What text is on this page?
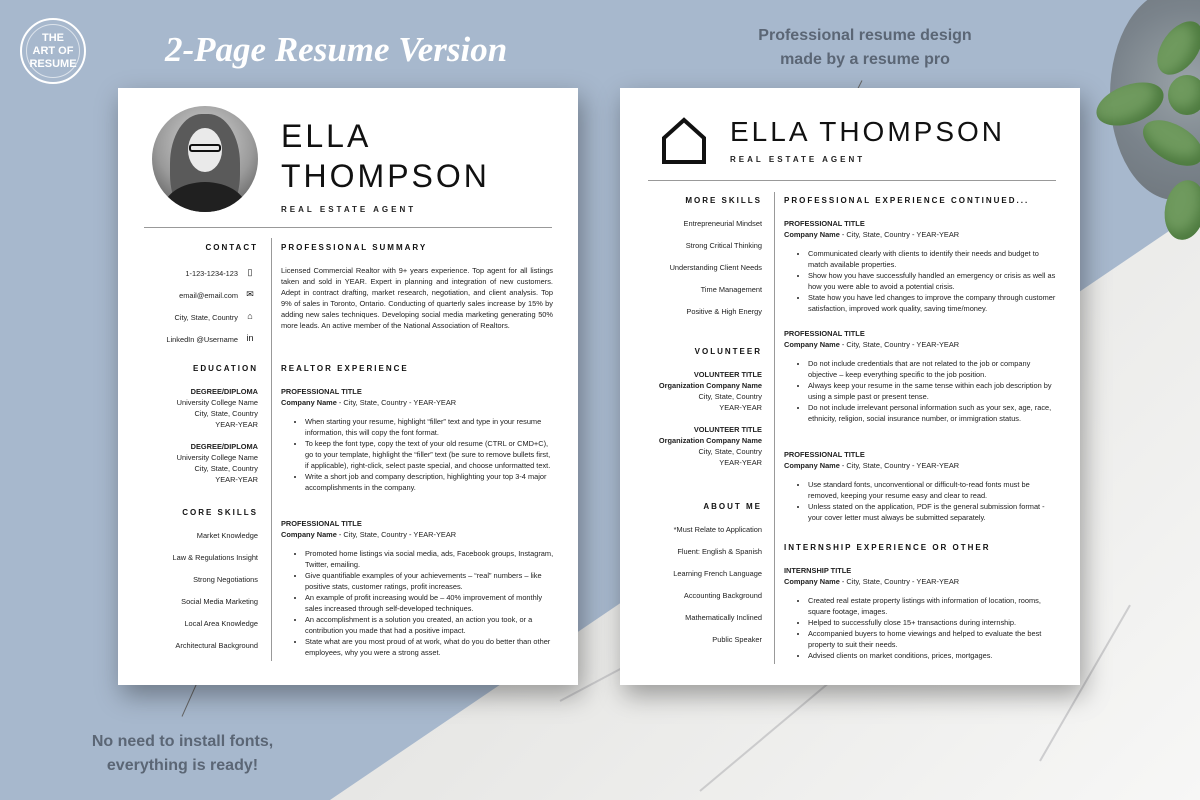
THE
ART OF
RESUME	2-Page Resume Version	Professional resume design
made by a resume pro
No need to install fonts,
everything is ready!
ELLA
THOMPSON
REAL ESTATE AGENT
CONTACT
1-123-1234-123	▯
email@email.com ✉
City, State, Country	⌂
LinkedIn @Username in
EDUCATION
DEGREE/DIPLOMA
University College Name
City, State, Country
YEAR-YEAR
DEGREE/DIPLOMA
University College Name
City, State, Country
YEAR-YEAR
CORE SKILLS
Market Knowledge
Law & Regulations Insight
Strong Negotiations
Social Media Marketing
Local Area Knowledge
Architectural Background
PROFESSIONAL SUMMARY
Licensed Commercial Realtor with 9+ years experience. Top agent for all listings taken and sold in YEAR. Expert in planning and integration of new customers. Adept in contract drafting, market research, negotiation, and client analysis. Top 9% of sales in Toronto, Ontario. Conducting of quarterly sales increase by 15% by adding new sales techniques. Developing social media marketing generating 50% more leads. An active member of the National Association of Realtors.
REALTOR EXPERIENCE
PROFESSIONAL TITLE
Company Name - City, State, Country - YEAR-YEAR
• When starting your resume, highlight “filler” text and type in your resume information, this will copy the font format.
• To keep the font type, copy the text of your old resume (CTRL or CMD+C), go to your template, highlight the “filler” text (be sure to remove bullets first, if applicable), right-click, select paste special, and choose unformatted text.
• Write a short job and company description, highlighting your top 3-4 major accomplishments in the company.
PROFESSIONAL TITLE
Company Name - City, State, Country - YEAR-YEAR
• Promoted home listings via social media, ads, Facebook groups, Instagram, Twitter, emailing.
• Give quantifiable examples of your achievements – “real” numbers – like positive stats, customer ratings, profit increases.
• An example of profit increasing would be – 40% improvement of monthly sales increased through self-developed techniques.
• An accomplishment is a solution you created, an action you took, or a contribution you made that had a positive impact.
• State what are you most proud of at work, what do you do better than other employees, why you were a strong asset.
ELLA THOMPSON
REAL ESTATE AGENT
MORE SKILLS
Entrepreneurial Mindset
Strong Critical Thinking
Understanding Client Needs
Time Management
Positive & High Energy
VOLUNTEER
VOLUNTEER TITLE
Organization Company Name
City, State, Country
YEAR-YEAR
VOLUNTEER TITLE
Organization Company Name
City, State, Country
YEAR-YEAR
ABOUT ME
*Must Relate to Application
Fluent: English & Spanish
Learning French Language
Accounting Background
Mathematically Inclined
Public Speaker
PROFESSIONAL EXPERIENCE CONTINUED...
PROFESSIONAL TITLE
Company Name - City, State, Country - YEAR-YEAR
• Communicated clearly with clients to identify their needs and budget to match available properties.
• Show how you have successfully handled an emergency or crisis as well as how you were able to avoid a potential crisis.
• State how you have led changes to improve the company through customer satisfaction, improved work quality, saving time/money.
PROFESSIONAL TITLE
Company Name - City, State, Country - YEAR-YEAR
• Do not include credentials that are not related to the job or company objective – keep everything specific to the job position.
• Always keep your resume in the same tense within each job description by using a simple past or present tense.
• Do not include irrelevant personal information such as your sex, age, race, ethnicity, religion, social insurance number, or immigration status.
PROFESSIONAL TITLE
Company Name - City, State, Country - YEAR-YEAR
• Use standard fonts, unconventional or difficult-to-read fonts must be removed, keeping your resume easy and clear to read.
• Unless stated on the application, PDF is the general submission format - your cover letter must always be submitted separately.
INTERNSHIP EXPERIENCE OR OTHER
INTERNSHIP TITLE
Company Name - City, State, Country - YEAR-YEAR
• Created real estate property listings with information of location, rooms, square footage, images.
• Helped to successfully close 15+ transactions during internship.
• Accompanied buyers to home viewings and helped to evaluate the best property to suit their needs.
• Advised clients on market conditions, prices, mortgages.
